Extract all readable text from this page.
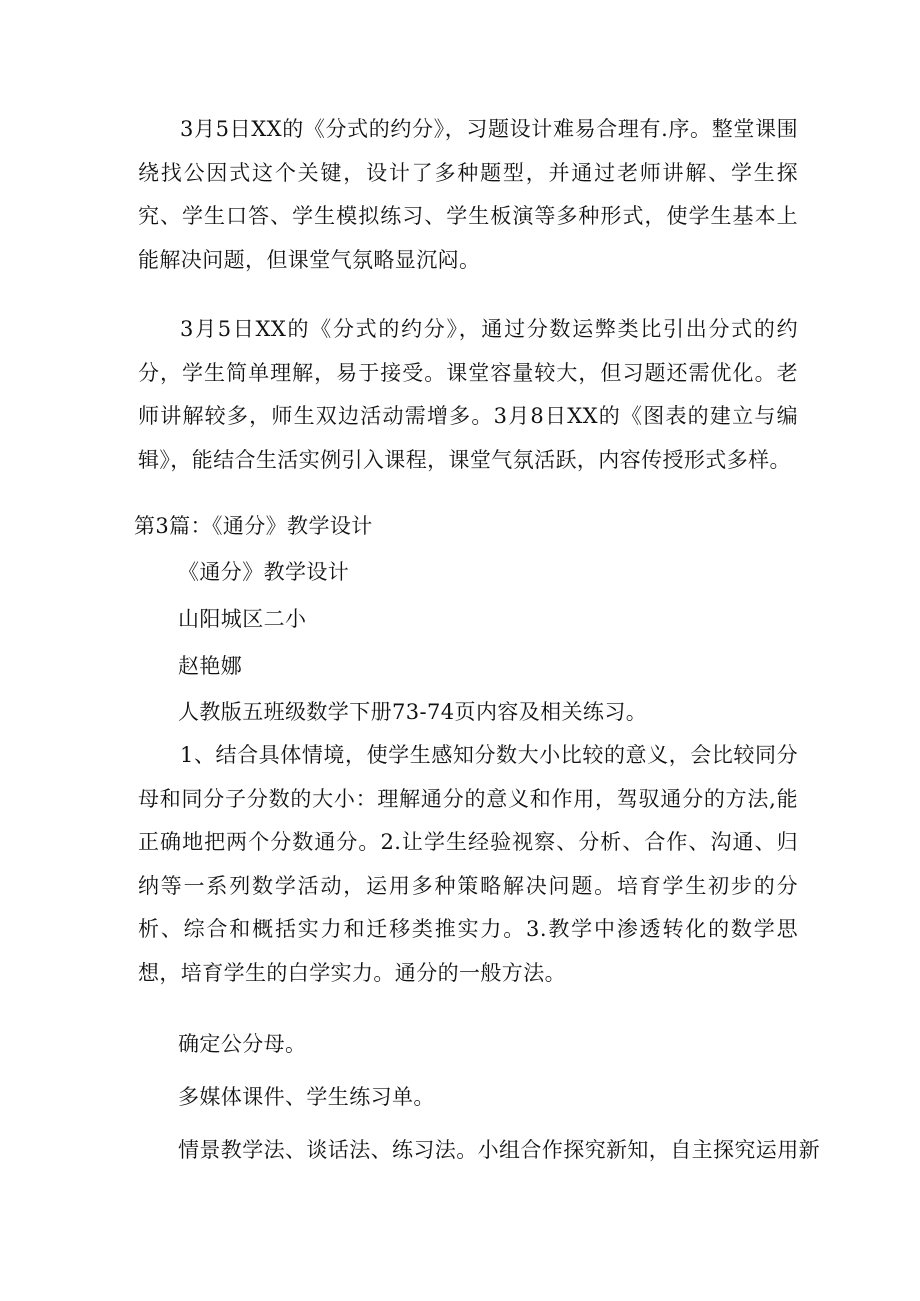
3月5日XX的《分式的约分》，习题设计难易合理有.序。整堂课围绕找公因式这个关键，设计了多种题型，并通过老师讲解、学生探究、学生口答、学生模拟练习、学生板演等多种形式，使学生基本上能解决问题，但课堂气氛略显沉闷。

3月5日XX的《分式的约分》，通过分数运弊类比引出分式的约分，学生简单理解，易于接受。课堂容量较大，但习题还需优化。老师讲解较多，师生双边活动需增多。3月8日XX的《图表的建立与编辑》，能结合生活实例引入课程，课堂气氛活跃，内容传授形式多样。

第3篇：《通分》教学设计

《通分》教学设计

山阳城区二小

赵艳娜

人教版五班级数学下册73-74页内容及相关练习。

1、结合具体情境，使学生感知分数大小比较的意义，会比较同分母和同分子分数的大小：理解通分的意义和作用，驾驭通分的方法,能正确地把两个分数通分。2.让学生经验视察、分析、合作、沟通、归纳等一系列数学活动，运用多种策略解决问题。培育学生初步的分析、综合和概括实力和迁移类推实力。3.教学中渗透转化的数学思想，培育学生的白学实力。通分的一般方法。

确定公分母。

多媒体课件、学生练习单。

情景教学法、谈话法、练习法。小组合作探究新知，自主探究运用新
